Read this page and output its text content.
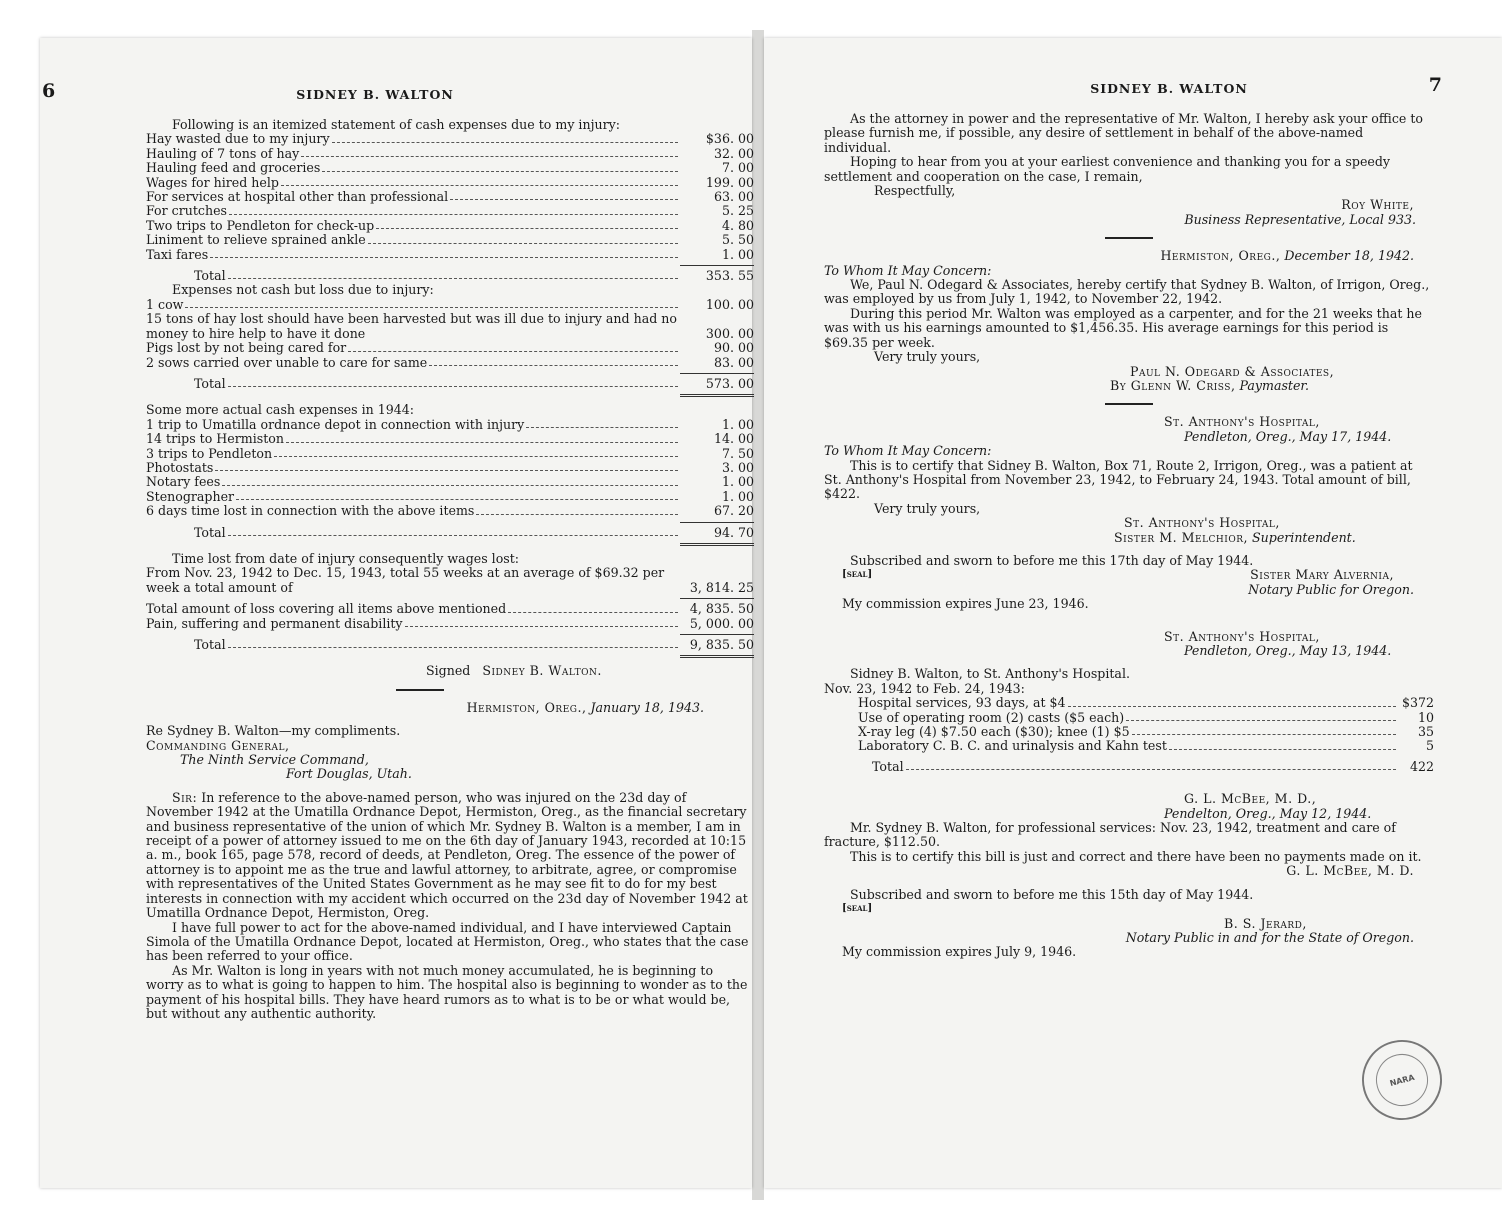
6	SIDNEY B. WALTON

Following is an itemized statement of cash expenses due to my injury:

Hay wasted due to my injury	$36. 00
Hauling of 7 tons of hay	32. 00
Hauling feed and groceries	7. 00
Wages for hired help	199. 00
For services at hospital other than professional	63. 00
For crutches	5. 25
Two trips to Pendleton for check-up	4. 80
Liniment to relieve sprained ankle	5. 50
Taxi fares	1. 00
Total	353. 55

Expenses not cash but loss due to injury:

1 cow	100. 00
15 tons of hay lost should have been harvested but was ill due to injury and had no money to hire help to have it done	300. 00
Pigs lost by not being cared for	90. 00
2 sows carried over unable to care for same	83. 00
Total	573. 00

Some more actual cash expenses in 1944:

1 trip to Umatilla ordnance depot in connection with injury	1. 00
14 trips to Hermiston	14. 00
3 trips to Pendleton	7. 50
Photostats	3. 00
Notary fees	1. 00
Stenographer	1. 00
6 days time lost in connection with the above items	67. 20
Total	94. 70

Time lost from date of injury consequently wages lost:

From Nov. 23, 1942 to Dec. 15, 1943, total 55 weeks at an average of $69.32 per week a total amount of	3, 814. 25
Total amount of loss covering all items above mentioned	4, 835. 50
Pain, suffering and permanent disability	5, 000. 00
Total	9, 835. 50

Signed Sidney B. Walton.

Hermiston, Oreg., January 18, 1943.

Re Sydney B. Walton—my compliments.

Commanding General,

The Ninth Service Command,

Fort Douglas, Utah.

Sir: In reference to the above-named person, who was injured on the 23d day of November 1942 at the Umatilla Ordnance Depot, Hermiston, Oreg., as the financial secretary and business representative of the union of which Mr. Sydney B. Walton is a member, I am in receipt of a power of attorney issued to me on the 6th day of January 1943, recorded at 10:15 a. m., book 165, page 578, record of deeds, at Pendleton, Oreg. The essence of the power of attorney is to appoint me as the true and lawful attorney, to arbitrate, agree, or compromise with representatives of the United States Government as he may see fit to do for my best interests in connection with my accident which occurred on the 23d day of November 1942 at Umatilla Ordnance Depot, Hermiston, Oreg.

I have full power to act for the above-named individual, and I have interviewed Captain Simola of the Umatilla Ordnance Depot, located at Hermiston, Oreg., who states that the case has been referred to your office.

As Mr. Walton is long in years with not much money accumulated, he is beginning to worry as to what is going to happen to him. The hospital also is beginning to wonder as to the payment of his hospital bills. They have heard rumors as to what is to be or what would be, but without any authentic authority.

SIDNEY B. WALTON	7

As the attorney in power and the representative of Mr. Walton, I hereby ask your office to please furnish me, if possible, any desire of settlement in behalf of the above-named individual.

Hoping to hear from you at your earliest convenience and thanking you for a speedy settlement and cooperation on the case, I remain,

Respectfully,

Roy White,

Business Representative, Local 933.

Hermiston, Oreg., December 18, 1942.

To Whom It May Concern:

We, Paul N. Odegard & Associates, hereby certify that Sydney B. Walton, of Irrigon, Oreg., was employed by us from July 1, 1942, to November 22, 1942.

During this period Mr. Walton was employed as a carpenter, and for the 21 weeks that he was with us his earnings amounted to $1,456.35. His average earnings for this period is $69.35 per week.

Very truly yours,

Paul N. Odegard & Associates,

By Glenn W. Criss, Paymaster.

St. Anthony's Hospital,

Pendleton, Oreg., May 17, 1944.

To Whom It May Concern:

This is to certify that Sidney B. Walton, Box 71, Route 2, Irrigon, Oreg., was a patient at St. Anthony's Hospital from November 23, 1942, to February 24, 1943. Total amount of bill, $422.

Very truly yours,

St. Anthony's Hospital,

Sister M. Melchior, Superintendent.

Subscribed and sworn to before me this 17th day of May 1944.

[seal]	Sister Mary Alvernia,

Notary Public for Oregon.

My commission expires June 23, 1946.

St. Anthony's Hospital,

Pendleton, Oreg., May 13, 1944.

Sidney B. Walton, to St. Anthony's Hospital.

Nov. 23, 1942 to Feb. 24, 1943:

Hospital services, 93 days, at $4	$372
Use of operating room (2) casts ($5 each)	10
X-ray leg (4) $7.50 each ($30); knee (1) $5	35
Laboratory C. B. C. and urinalysis and Kahn test	5
Total	422

G. L. McBee, M. D.,

Pendelton, Oreg., May 12, 1944.

Mr. Sydney B. Walton, for professional services: Nov. 23, 1942, treatment and care of fracture, $112.50.

This is to certify this bill is just and correct and there have been no payments made on it.

G. L. McBee, M. D.

Subscribed and sworn to before me this 15th day of May 1944.

[seal]

B. S. Jerard,

Notary Public in and for the State of Oregon.

My commission expires July 9, 1946.

NARA
